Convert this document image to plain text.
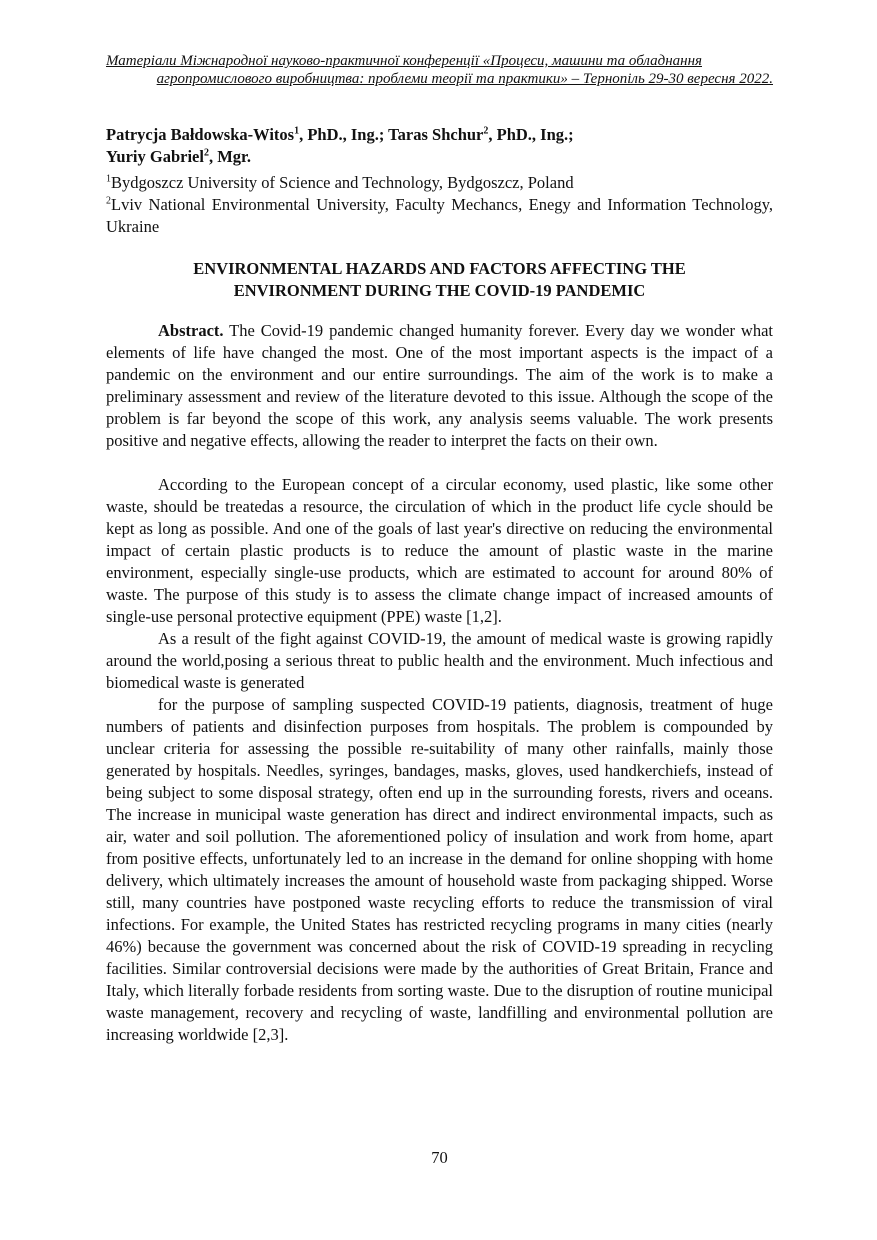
Матеріали Міжнародної науково-практичної конференції «Процеси, машини та обладнання
агропромислового виробництва: проблеми теорії та практики» – Тернопіль 29-30 вересня 2022.
Patrycja Bałdowska-Witos$^1$, PhD., Ing.; Taras Shchur$^2$, PhD., Ing.;
Yuriy Gabriel$^2$, Mgr.
$^1$Bydgoszcz University of Science and Technology, Bydgoszcz, Poland
$^2$Lviv National Environmental University, Faculty Mechancs, Enegy and Information Technology, Ukraine
ENVIRONMENTAL HAZARDS AND FACTORS AFFECTING THE
ENVIRONMENT DURING THE COVID-19 PANDEMIC

Abstract. The Covid-19 pandemic changed humanity forever. Every day we wonder what elements of life have changed the most. One of the most important aspects is the impact of a pandemic on the environment and our entire surroundings. The aim of the work is to make a preliminary assessment and review of the literature devoted to this issue. Although the scope of the problem is far beyond the scope of this work, any analysis seems valuable. The work presents positive and negative effects, allowing the reader to interpret the facts on their own.

According to the European concept of a circular economy, used plastic, like some other waste, should be treatedas a resource, the circulation of which in the product life cycle should be kept as long as possible. And one of the goals of last year's directive on reducing the environmental impact of certain plastic products is to reduce the amount of plastic waste in the marine environment, especially single-use products, which are estimated to account for around 80% of waste. The purpose of this study is to assess the climate change impact of increased amounts of single-use personal protective equipment (PPE) waste [1,2].

As a result of the fight against COVID-19, the amount of medical waste is growing rapidly around the world,posing a serious threat to public health and the environment. Much infectious and biomedical waste is generated

for the purpose of sampling suspected COVID-19 patients, diagnosis, treatment of huge numbers of patients and disinfection purposes from hospitals. The problem is compounded by unclear criteria for assessing the possible re-suitability of many other rainfalls, mainly those generated by hospitals. Needles, syringes, bandages, masks, gloves, used handkerchiefs, instead of being subject to some disposal strategy, often end up in the surrounding forests, rivers and oceans. The increase in municipal waste generation has direct and indirect environmental impacts, such as air, water and soil pollution. The aforementioned policy of insulation and work from home, apart from positive effects, unfortunately led to an increase in the demand for online shopping with home delivery, which ultimately increases the amount of household waste from packaging shipped. Worse still, many countries have postponed waste recycling efforts to reduce the transmission of viral infections. For example, the United States has restricted recycling programs in many cities (nearly 46%) because the government was concerned about the risk of COVID-19 spreading in recycling facilities. Similar controversial decisions were made by the authorities of Great Britain, France and Italy, which literally forbade residents from sorting waste. Due to the disruption of routine municipal waste management, recovery and recycling of waste, landfilling and environmental pollution are increasing worldwide [2,3].

70
